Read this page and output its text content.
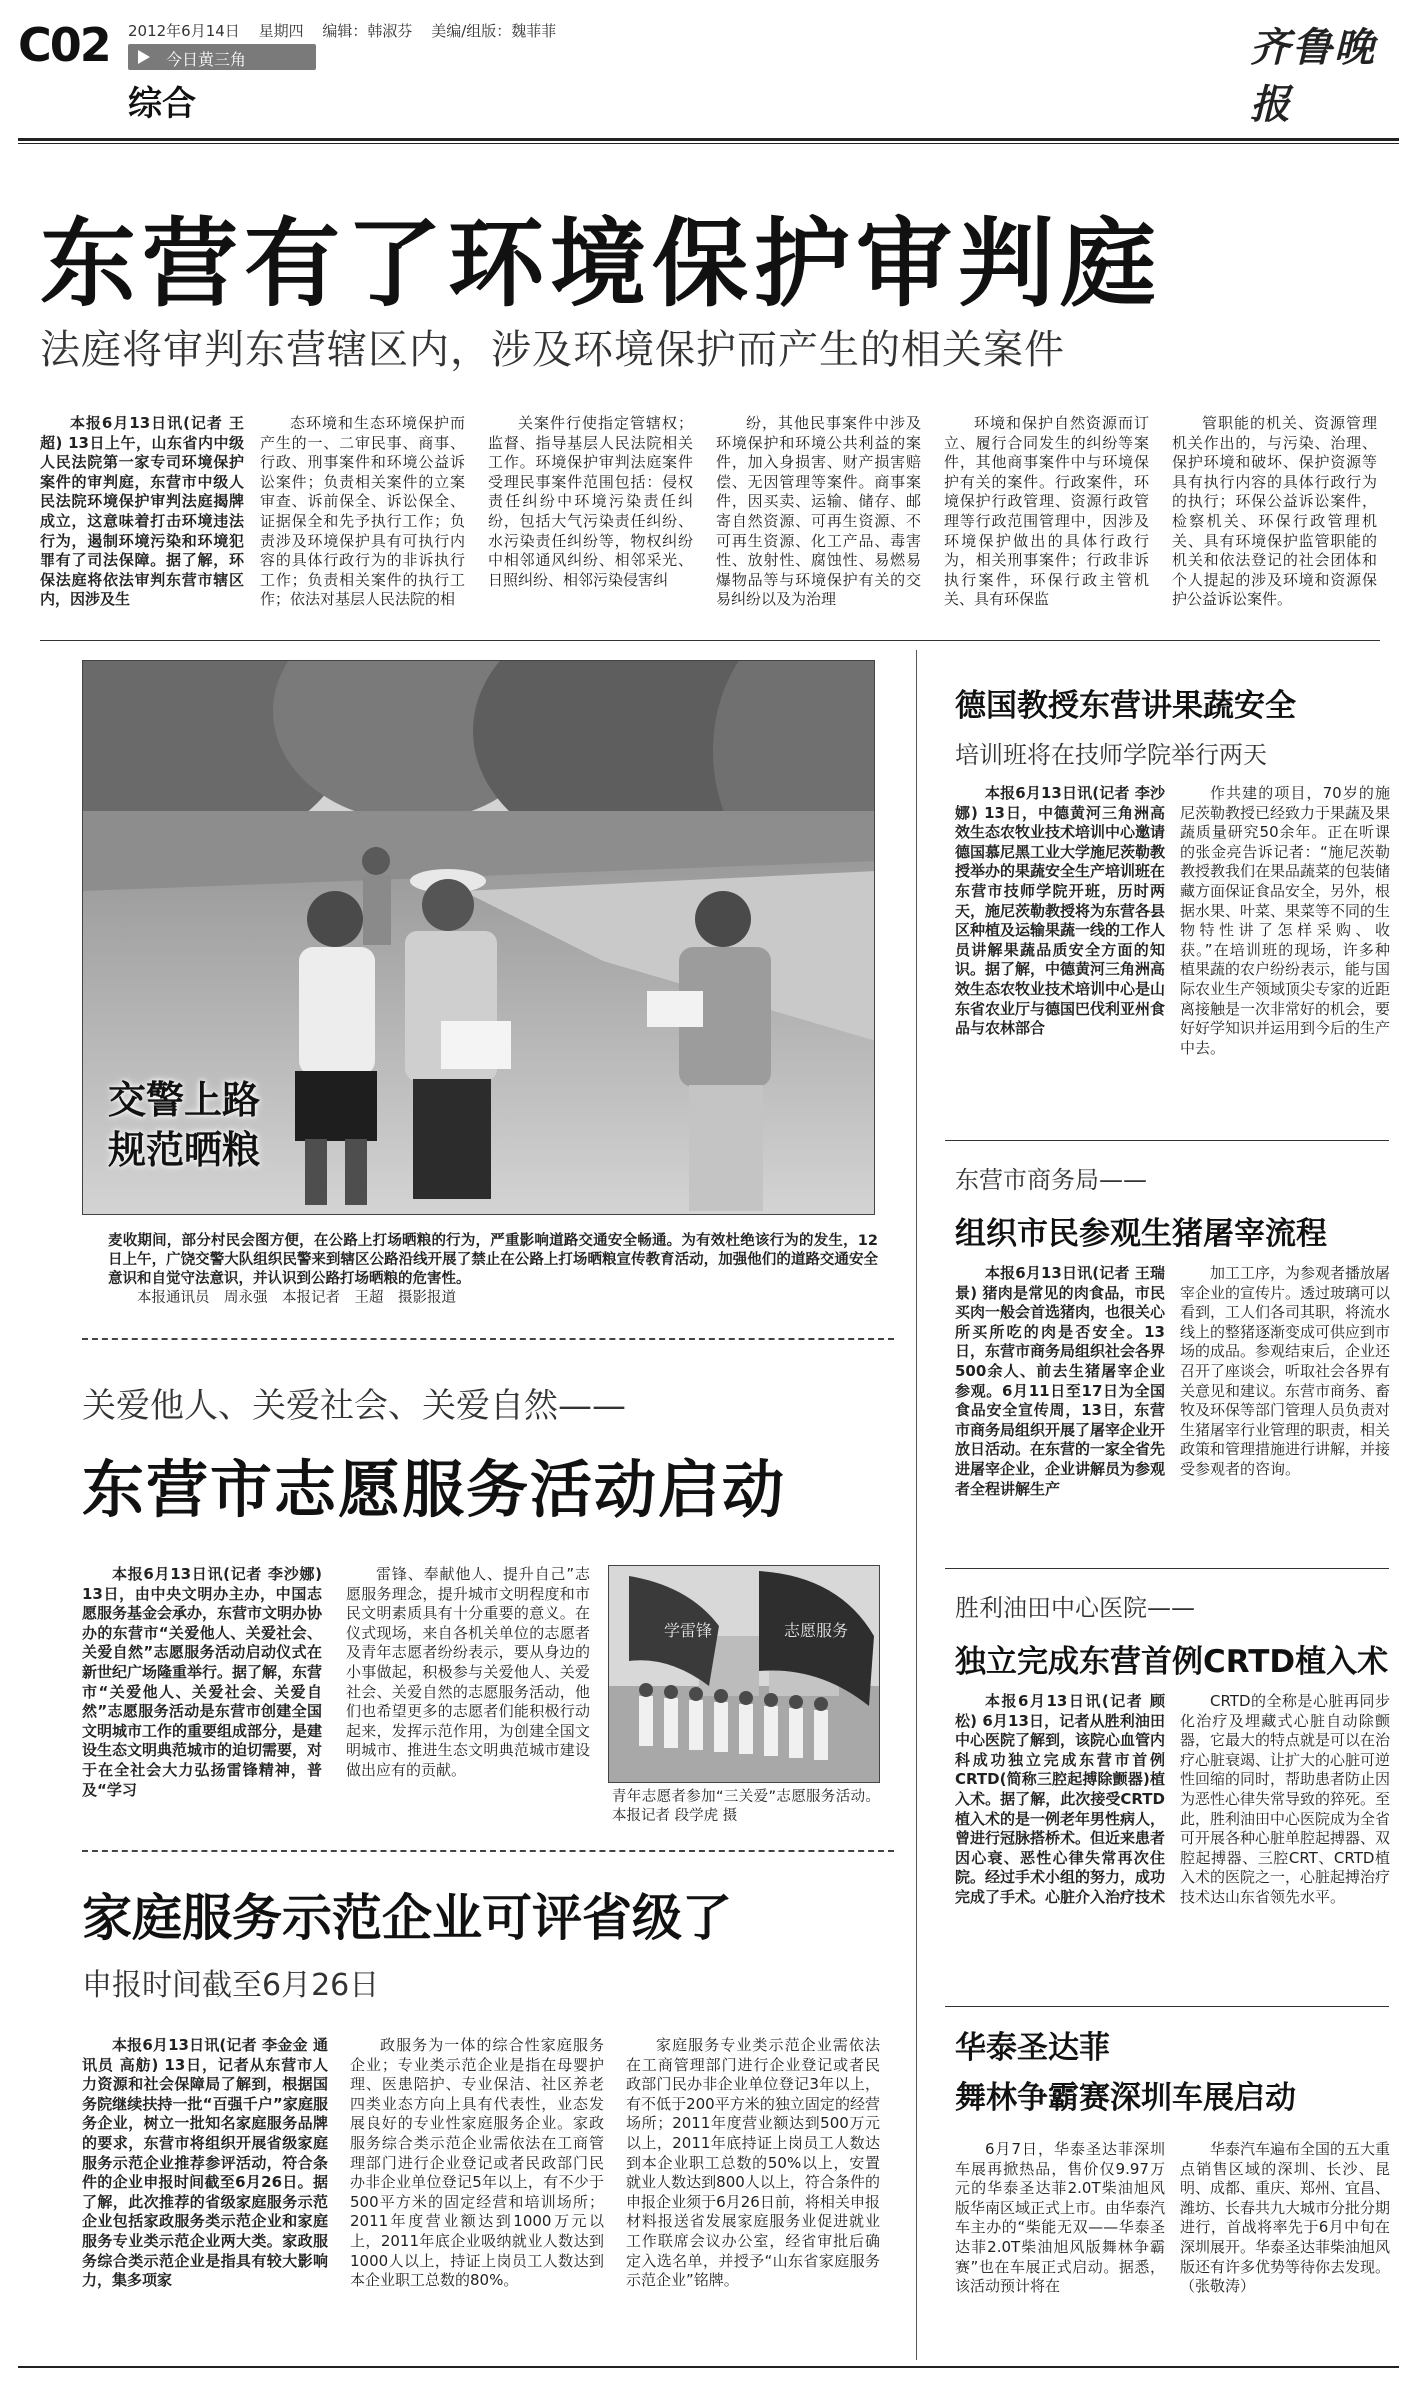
C02 2012年6月14日 星期四 编辑：韩淑芬 美编/组版：魏菲菲
今日黄三角
综合
齐鲁晚报
东营有了环境保护审判庭
法庭将审判东营辖区内，涉及环境保护而产生的相关案件

本报6月13日讯(记者 王超) 13日上午，山东省内中级人民法院第一家专司环境保护案件的审判庭，东营市中级人民法院环境保护审判法庭揭牌成立，这意味着打击环境违法行为，遏制环境污染和环境犯罪有了司法保障。据了解，环保法庭将依法审判东营市辖区内，因涉及生

态环境和生态环境保护而产生的一、二审民事、商事、行政、刑事案件和环境公益诉讼案件；负责相关案件的立案审查、诉前保全、诉讼保全、证据保全和先予执行工作；负责涉及环境保护具有可执行内容的具体行政行为的非诉执行工作；负责相关案件的执行工作；依法对基层人民法院的相

关案件行使指定管辖权；监督、指导基层人民法院相关工作。环境保护审判法庭案件受理民事案件范围包括：侵权责任纠纷中环境污染责任纠纷，包括大气污染责任纠纷、水污染责任纠纷等，物权纠纷中相邻通风纠纷、相邻采光、日照纠纷、相邻污染侵害纠

纷，其他民事案件中涉及环境保护和环境公共利益的案件，加入身损害、财产损害赔偿、无因管理等案件。商事案件，因买卖、运输、储存、邮寄自然资源、可再生资源、不可再生资源、化工产品、毒害性、放射性、腐蚀性、易燃易爆物品等与环境保护有关的交易纠纷以及为治理

环境和保护自然资源而订立、履行合同发生的纠纷等案件，其他商事案件中与环境保护有关的案件。行政案件，环境保护行政管理、资源行政管理等行政范围管理中，因涉及环境保护做出的具体行政行为，相关刑事案件；行政非诉执行案件，环保行政主管机关、具有环保监

管职能的机关、资源管理机关作出的，与污染、治理、保护环境和破坏、保护资源等具有执行内容的具体行政行为的执行；环保公益诉讼案件，检察机关、环保行政管理机关、具有环境保护监管职能的机关和依法登记的社会团体和个人提起的涉及环境和资源保护公益诉讼案件。

交警上路
规范晒粮
麦收期间，部分村民会图方便，在公路上打场晒粮的行为，严重影响道路交通安全畅通。为有效杜绝该行为的发生，12日上午，广饶交警大队组织民警来到辖区公路沿线开展了禁止在公路上打场晒粮宣传教育活动，加强他们的道路交通安全意识和自觉守法意识，并认识到公路打场晒粮的危害性。
本报通讯员　周永强　本报记者　王超　摄影报道
关爱他人、关爱社会、关爱自然——
东营市志愿服务活动启动

本报6月13日讯(记者 李沙娜) 13日，由中央文明办主办，中国志愿服务基金会承办，东营市文明办协办的东营市“关爱他人、关爱社会、关爱自然”志愿服务活动启动仪式在新世纪广场隆重举行。据了解，东营市“关爱他人、关爱社会、关爱自然”志愿服务活动是东营市创建全国文明城市工作的重要组成部分，是建设生态文明典范城市的迫切需要，对于在全社会大力弘扬雷锋精神，普及“学习

雷锋、奉献他人、提升自己”志愿服务理念，提升城市文明程度和市民文明素质具有十分重要的意义。在仪式现场，来自各机关单位的志愿者及青年志愿者纷纷表示，要从身边的小事做起，积极参与关爱他人、关爱社会、关爱自然的志愿服务活动，他们也希望更多的志愿者们能积极行动起来，发挥示范作用，为创建全国文明城市、推进生态文明典范城市建设做出应有的贡献。

学雷锋	志愿服务
青年志愿者参加“三关爱”志愿服务活动。 本报记者 段学虎 摄
家庭服务示范企业可评省级了
申报时间截至6月26日

本报6月13日讯(记者 李金金 通讯员 高舫) 13日，记者从东营市人力资源和社会保障局了解到，根据国务院继续扶持一批“百强千户”家庭服务企业，树立一批知名家庭服务品牌的要求，东营市将组织开展省级家庭服务示范企业推荐参评活动，符合条件的企业申报时间截至6月26日。据了解，此次推荐的省级家庭服务示范企业包括家政服务类示范企业和家庭服务专业类示范企业两大类。家政服务综合类示范企业是指具有较大影响力，集多项家

政服务为一体的综合性家庭服务企业；专业类示范企业是指在母婴护理、医患陪护、专业保洁、社区养老四类业态方向上具有代表性，业态发展良好的专业性家庭服务企业。家政服务综合类示范企业需依法在工商管理部门进行企业登记或者民政部门民办非企业单位登记5年以上，有不少于500平方米的固定经营和培训场所；2011年度营业额达到1000万元以上，2011年底企业吸纳就业人数达到1000人以上，持证上岗员工人数达到本企业职工总数的80%。

家庭服务专业类示范企业需依法在工商管理部门进行企业登记或者民政部门民办非企业单位登记3年以上，有不低于200平方米的独立固定的经营场所；2011年度营业额达到500万元以上，2011年底持证上岗员工人数达到本企业职工总数的50%以上，安置就业人数达到800人以上，符合条件的申报企业须于6月26日前，将相关申报材料报送省发展家庭服务业促进就业工作联席会议办公室，经省审批后确定入选名单，并授予“山东省家庭服务示范企业”铭牌。

德国教授东营讲果蔬安全
培训班将在技师学院举行两天

本报6月13日讯(记者 李沙娜) 13日，中德黄河三角洲高效生态农牧业技术培训中心邀请德国慕尼黑工业大学施尼茨勒教授举办的果蔬安全生产培训班在东营市技师学院开班，历时两天，施尼茨勒教授将为东营各县区种植及运输果蔬一线的工作人员讲解果蔬品质安全方面的知识。据了解，中德黄河三角洲高效生态农牧业技术培训中心是山东省农业厅与德国巴伐利亚州食品与农林部合

作共建的项目，70岁的施尼茨勒教授已经致力于果蔬及果蔬质量研究50余年。正在听课的张金亮告诉记者：“施尼茨勒教授教我们在果品蔬菜的包装储藏方面保证食品安全，另外，根据水果、叶菜、果菜等不同的生物特性讲了怎样采购、收获。”在培训班的现场，许多种植果蔬的农户纷纷表示，能与国际农业生产领域顶尖专家的近距离接触是一次非常好的机会，要好好学知识并运用到今后的生产中去。

东营市商务局——
组织市民参观生猪屠宰流程

本报6月13日讯(记者 王瑞景) 猪肉是常见的肉食品，市民买肉一般会首选猪肉，也很关心所买所吃的肉是否安全。13日，东营市商务局组织社会各界500余人、前去生猪屠宰企业参观。6月11日至17日为全国食品安全宣传周，13日，东营市商务局组织开展了屠宰企业开放日活动。在东营的一家全省先进屠宰企业，企业讲解员为参观者全程讲解生产

加工工序，为参观者播放屠宰企业的宣传片。透过玻璃可以看到，工人们各司其职，将流水线上的整猪逐渐变成可供应到市场的成品。参观结束后，企业还召开了座谈会，听取社会各界有关意见和建议。东营市商务、畜牧及环保等部门管理人员负责对生猪屠宰行业管理的职责，相关政策和管理措施进行讲解，并接受参观者的咨询。

胜利油田中心医院——
独立完成东营首例CRTD植入术

本报6月13日讯(记者 顾松) 6月13日，记者从胜利油田中心医院了解到，该院心血管内科成功独立完成东营市首例CRTD(简称三腔起搏除颤器)植入术。据了解，此次接受CRTD植入术的是一例老年男性病人，曾进行冠脉搭桥术。但近来患者因心衰、恶性心律失常再次住院。经过手术小组的努力，成功完成了手术。心脏介入治疗技术

CRTD的全称是心脏再同步化治疗及埋藏式心脏自动除颤器，它最大的特点就是可以在治疗心脏衰竭、让扩大的心脏可逆性回缩的同时，帮助患者防止因为恶性心律失常导致的猝死。至此，胜利油田中心医院成为全省可开展各种心脏单腔起搏器、双腔起搏器、三腔CRT、CRTD植入术的医院之一，心脏起搏治疗技术达山东省领先水平。

华泰圣达菲
舞林争霸赛深圳车展启动

6月7日，华泰圣达菲深圳车展再掀热品，售价仅9.97万元的华泰圣达菲2.0T柴油旭风版华南区域正式上市。由华泰汽车主办的“柴能无双——华泰圣达菲2.0T柴油旭风版舞林争霸赛”也在车展正式启动。据悉，该活动预计将在

华泰汽车遍布全国的五大重点销售区域的深圳、长沙、昆明、成都、重庆、郑州、宜昌、潍坊、长春共九大城市分批分期进行，首战将率先于6月中旬在深圳展开。华泰圣达菲柴油旭风版还有许多优势等待你去发现。（张敬涛）
